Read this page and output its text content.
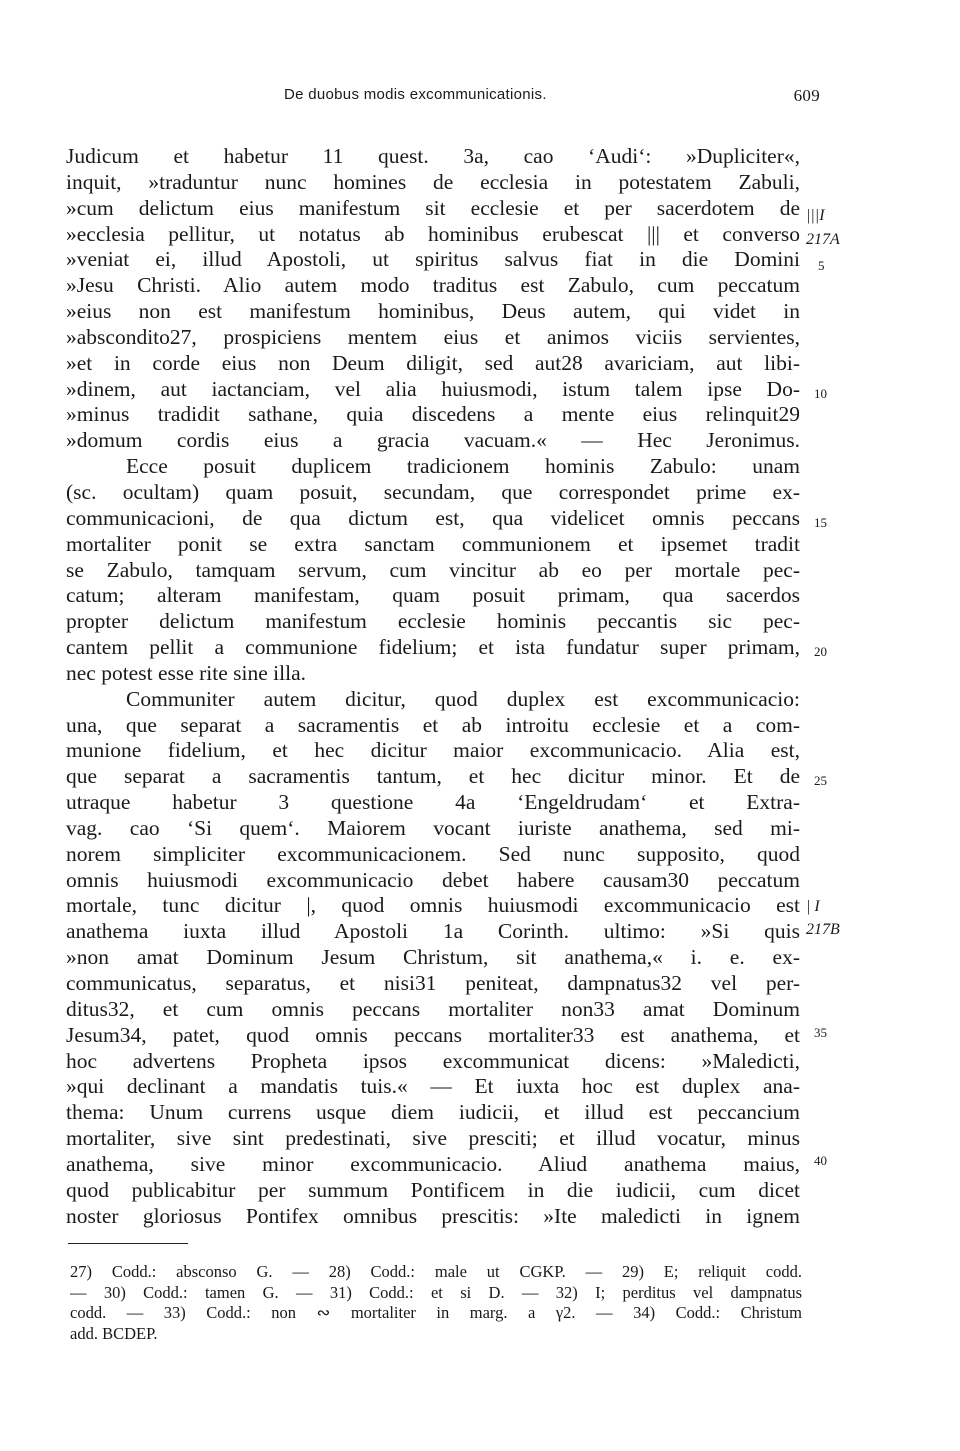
De duobus modis excommunicationis.	609
Judicum et habetur 11 quest. 3a, cao ‘Audi‘: »Dupliciter«,
inquit, »traduntur nunc homines de ecclesia in potestatem Zabuli,
»cum delictum eius manifestum sit ecclesie et per sacerdotem de
»ecclesia pellitur, ut notatus ab hominibus erubescat ||| et converso
»veniat ei, illud Apostoli, ut spiritus salvus fiat in die Domini
»Jesu Christi. Alio autem modo traditus est Zabulo, cum peccatum
»eius non est manifestum hominibus, Deus autem, qui videt in
»abscondito27, prospiciens mentem eius et animos viciis servientes,
»et in corde eius non Deum diligit, sed aut28 avariciam, aut libi-
»dinem, aut iactanciam, vel alia huiusmodi, istum talem ipse Do-
»minus tradidit sathane, quia discedens a mente eius relinquit29
»domum cordis eius a gracia vacuam.« — Hec Jeronimus.
Ecce posuit duplicem tradicionem hominis Zabulo: unam
(sc. ocultam) quam posuit, secundam, que correspondet prime ex-
communicacioni, de qua dictum est, qua videlicet omnis peccans
mortaliter ponit se extra sanctam communionem et ipsemet tradit
se Zabulo, tamquam servum, cum vincitur ab eo per mortale pec-
catum; alteram manifestam, quam posuit primam, qua sacerdos
propter delictum manifestum ecclesie hominis peccantis sic pec-
cantem pellit a communione fidelium; et ista fundatur super primam,
nec potest esse rite sine illa.
Communiter autem dicitur, quod duplex est excommunicacio:
una, que separat a sacramentis et ab introitu ecclesie et a com-
munione fidelium, et hec dicitur maior excommunicacio. Alia est,
que separat a sacramentis tantum, et hec dicitur minor. Et de
utraque habetur 3 questione 4a ‘Engeldrudam‘ et Extra-
vag. cao ‘Si quem‘. Maiorem vocant iuriste anathema, sed mi-
norem simpliciter excommunicacionem. Sed nunc supposito, quod
omnis huiusmodi excommunicacio debet habere causam30 peccatum
mortale, tunc dicitur |, quod omnis huiusmodi excommunicacio est
anathema iuxta illud Apostoli 1a Corinth. ultimo: »Si quis
»non amat Dominum Jesum Christum, sit anathema,« i. e. ex-
communicatus, separatus, et nisi31 peniteat, dampnatus32 vel per-
ditus32, et cum omnis peccans mortaliter non33 amat Dominum
Jesum34, patet, quod omnis peccans mortaliter33 est anathema, et
hoc advertens Propheta ipsos excommunicat dicens: »Maledicti,
»qui declinant a mandatis tuis.« — Et iuxta hoc est duplex ana-
thema: Unum currens usque diem iudicii, et illud est peccancium
mortaliter, sive sint predestinati, sive presciti; et illud vocatur, minus
anathema, sive minor excommunicacio. Aliud anathema maius,
quod publicabitur per summum Pontificem in die iudicii, cum dicet
noster gloriosus Pontifex omnibus prescitis: »Ite maledicti in ignem
|||I
217A
5
10
15
20
25
| I
217B
35
40
27) Codd.: absconso G. — 28) Codd.: male ut CGKP. — 29) E; reliquit codd.
— 30) Codd.: tamen G. — 31) Codd.: et si D. — 32) I; perditus vel dampnatus
codd. — 33) Codd.: non ∾ mortaliter in marg. a γ2. — 34) Codd.: Christum
add. BCDEP.
